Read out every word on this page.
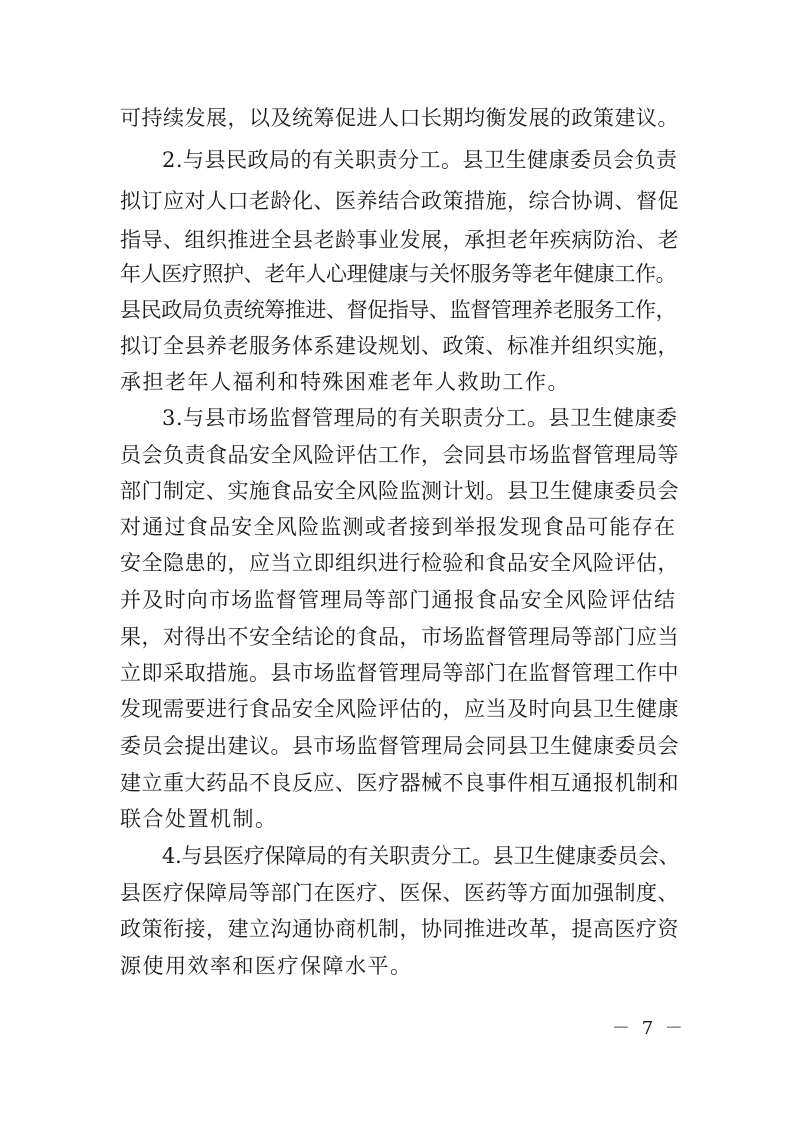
可持续发展，以及统筹促进人口长期均衡发展的政策建议。
2.与县民政局的有关职责分工。县卫生健康委员会负责
拟订应对人口老龄化、医养结合政策措施，综合协调、督促
指导、组织推进全县老龄事业发展，承担老年疾病防治、老
年人医疗照护、老年人心理健康与关怀服务等老年健康工作。
县民政局负责统筹推进、督促指导、监督管理养老服务工作，
拟订全县养老服务体系建设规划、政策、标准并组织实施，
承担老年人福利和特殊困难老年人救助工作。
3.与县市场监督管理局的有关职责分工。县卫生健康委
员会负责食品安全风险评估工作，会同县市场监督管理局等
部门制定、实施食品安全风险监测计划。县卫生健康委员会
对通过食品安全风险监测或者接到举报发现食品可能存在
安全隐患的，应当立即组织进行检验和食品安全风险评估，
并及时向市场监督管理局等部门通报食品安全风险评估结
果，对得出不安全结论的食品，市场监督管理局等部门应当
立即采取措施。县市场监督管理局等部门在监督管理工作中
发现需要进行食品安全风险评估的，应当及时向县卫生健康
委员会提出建议。县市场监督管理局会同县卫生健康委员会
建立重大药品不良反应、医疗器械不良事件相互通报机制和
联合处置机制。
4.与县医疗保障局的有关职责分工。县卫生健康委员会、
县医疗保障局等部门在医疗、医保、医药等方面加强制度、
政策衔接，建立沟通协商机制，协同推进改革，提高医疗资
源使用效率和医疗保障水平。
－ 7 －
